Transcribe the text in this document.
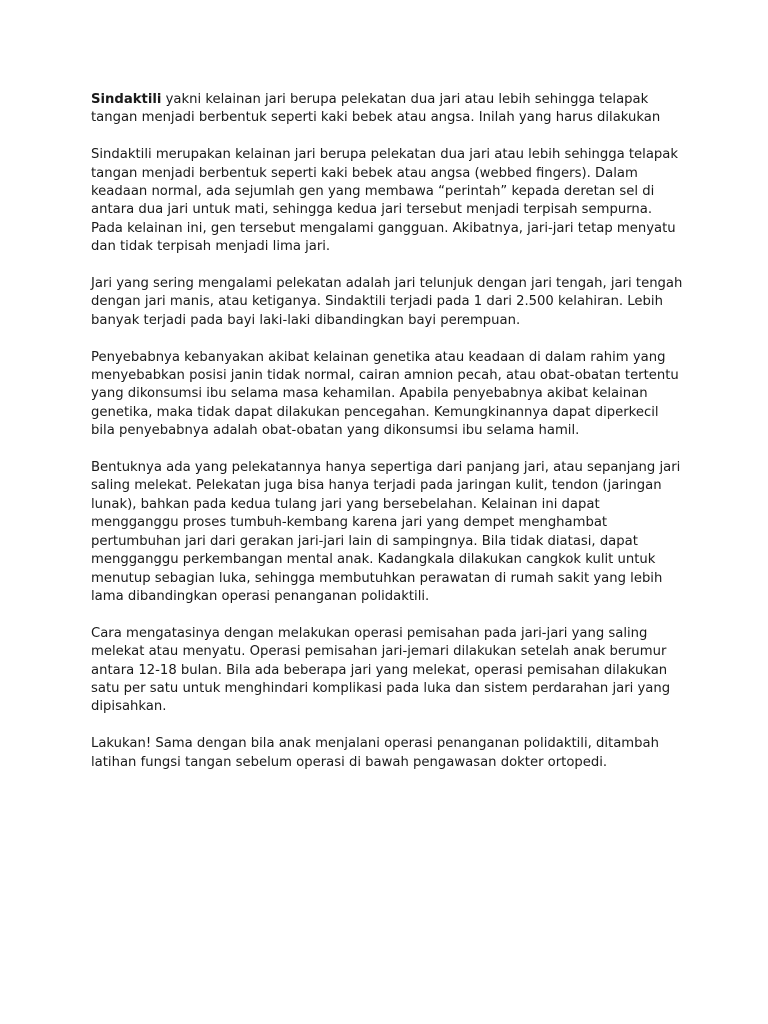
Sindaktili yakni kelainan jari berupa pelekatan dua jari atau lebih sehingga telapak tangan menjadi berbentuk seperti kaki bebek atau angsa. Inilah yang harus dilakukan

Sindaktili merupakan kelainan jari berupa pelekatan dua jari atau lebih sehingga telapak tangan menjadi berbentuk seperti kaki bebek atau angsa (webbed fingers). Dalam keadaan normal, ada sejumlah gen yang membawa “perintah” kepada deretan sel di antara dua jari untuk mati, sehingga kedua jari tersebut menjadi terpisah sempurna. Pada kelainan ini, gen tersebut mengalami gangguan. Akibatnya, jari-jari tetap menyatu dan tidak terpisah menjadi lima jari.

Jari yang sering mengalami pelekatan adalah jari telunjuk dengan jari tengah, jari tengah dengan jari manis, atau ketiganya. Sindaktili terjadi pada 1 dari 2.500 kelahiran. Lebih banyak terjadi pada bayi laki-laki dibandingkan bayi perempuan.

Penyebabnya kebanyakan akibat kelainan genetika atau keadaan di dalam rahim yang menyebabkan posisi janin tidak normal, cairan amnion pecah, atau obat-obatan tertentu yang dikonsumsi ibu selama masa kehamilan. Apabila penyebabnya akibat kelainan genetika, maka tidak dapat dilakukan pencegahan. Kemungkinannya dapat diperkecil bila penyebabnya adalah obat-obatan yang dikonsumsi ibu selama hamil.

Bentuknya ada yang pelekatannya hanya sepertiga dari panjang jari, atau sepanjang jari saling melekat. Pelekatan juga bisa hanya terjadi pada jaringan kulit, tendon (jaringan lunak), bahkan pada kedua tulang jari yang bersebelahan. Kelainan ini dapat mengganggu proses tumbuh-kembang karena jari yang dempet menghambat pertumbuhan jari dari gerakan jari-jari lain di sampingnya. Bila tidak diatasi, dapat mengganggu perkembangan mental anak. Kadangkala dilakukan cangkok kulit untuk menutup sebagian luka, sehingga membutuhkan perawatan di rumah sakit yang lebih lama dibandingkan operasi penanganan polidaktili.

Cara mengatasinya dengan melakukan operasi pemisahan pada jari-jari yang saling melekat atau menyatu. Operasi pemisahan jari-jemari dilakukan setelah anak berumur antara 12-18 bulan. Bila ada beberapa jari yang melekat, operasi pemisahan dilakukan satu per satu untuk menghindari komplikasi pada luka dan sistem perdarahan jari yang dipisahkan.

Lakukan! Sama dengan bila anak menjalani operasi penanganan polidaktili, ditambah latihan fungsi tangan sebelum operasi di bawah pengawasan dokter ortopedi.
